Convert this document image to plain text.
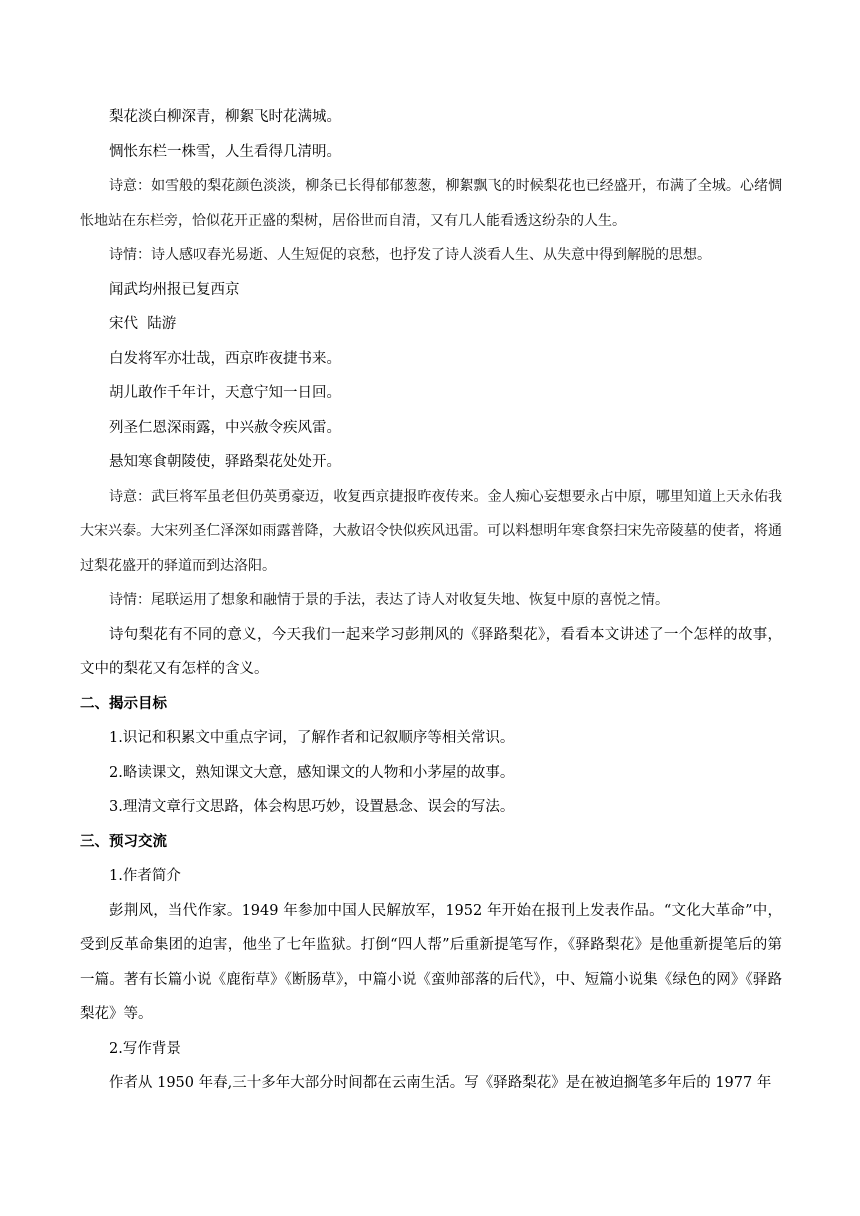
梨花淡白柳深青，柳絮飞时花满城。
惆怅东栏一株雪，人生看得几清明。
诗意：如雪般的梨花颜色淡淡，柳条已长得郁郁葱葱，柳絮飘飞的时候梨花也已经盛开，布满了全城。心绪惆怅地站在东栏旁，恰似花开正盛的梨树，居俗世而自清，又有几人能看透这纷杂的人生。
诗情：诗人感叹春光易逝、人生短促的哀愁，也抒发了诗人淡看人生、从失意中得到解脱的思想。
闻武均州报已复西京
宋代  陆游
白发将军亦壮哉，西京昨夜捷书来。
胡儿敢作千年计，天意宁知一日回。
列圣仁恩深雨露，中兴赦令疾风雷。
悬知寒食朝陵使，驿路梨花处处开。
诗意：武巨将军虽老但仍英勇豪迈，收复西京捷报昨夜传来。金人痴心妄想要永占中原，哪里知道上天永佑我大宋兴泰。大宋列圣仁泽深如雨露普降，大赦诏令快似疾风迅雷。可以料想明年寒食祭扫宋先帝陵墓的使者，将通过梨花盛开的驿道而到达洛阳。
诗情：尾联运用了想象和融情于景的手法，表达了诗人对收复失地、恢复中原的喜悦之情。
诗句梨花有不同的意义，今天我们一起来学习彭荆风的《驿路梨花》，看看本文讲述了一个怎样的故事，文中的梨花又有怎样的含义。
二、揭示目标
1.识记和积累文中重点字词，了解作者和记叙顺序等相关常识。
2.略读课文，熟知课文大意，感知课文的人物和小茅屋的故事。
3.理清文章行文思路，体会构思巧妙，设置悬念、误会的写法。
三、预习交流
1.作者简介
彭荆风，当代作家。1949 年参加中国人民解放军，1952 年开始在报刊上发表作品。“文化大革命”中，受到反革命集团的迫害，他坐了七年监狱。打倒“四人帮”后重新提笔写作，《驿路梨花》是他重新提笔后的第一篇。著有长篇小说《鹿衔草》《断肠草》，中篇小说《蛮帅部落的后代》，中、短篇小说集《绿色的网》《驿路梨花》等。
2.写作背景
作者从 1950 年春,三十多年大部分时间都在云南生活。写《驿路梨花》是在被迫搁笔多年后的 1977 年
